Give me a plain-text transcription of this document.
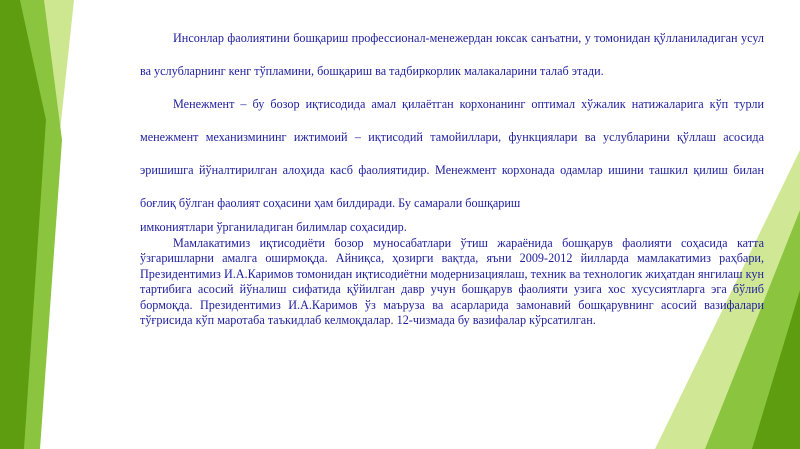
Инсонлар фаолиятини бошқариш профессионал-менежердан юксак санъатни, у томонидан қўлланиладиган усул ва услубларнинг кенг тўпламини, бошқариш ва тадбиркорлик малакаларини талаб этади.

Менежмент – бу бозор иқтисодида амал қилаётган корхонанинг оптимал хўжалик натижаларига кўп турли менежмент механизмининг ижтимоий – иқтисодий тамойиллари, функциялари ва услубларини қўллаш асосида эришишга йўналтирилган алоҳида касб фаолиятидир. Менежмент корхонада одамлар ишини ташкил қилиш билан боғлиқ бўлган фаолият соҳасини ҳам билдиради. Бу самарали бошқариш

имкониятлари ўрганиладиган билимлар соҳасидир.

Мамлакатимиз иқтисодиёти бозор муносабатлари ўтиш жараёнида бошқарув фаолияти соҳасида катта ўзгаришларни амалга оширмоқда. Айниқса, ҳозирги вақтда, яъни 2009-2012 йилларда мамлакатимиз раҳбари, Президентимиз И.А.Каримов томонидан иқтисодиётни модернизациялаш, техник ва технологик жиҳатдан янгилаш кун тартибига асосий йўналиш сифатида қўйилган давр учун бошқарув фаолияти узига хос хусусиятларга эга бўлиб бормоқда. Президентимиз И.А.Каримов ўз маъруза ва асарларида замонавий бошқарувнинг асосий вазифалари тўғрисида кўп маротаба таъкидлаб келмоқдалар. 12-чизмада бу вазифалар кўрсатилган.
